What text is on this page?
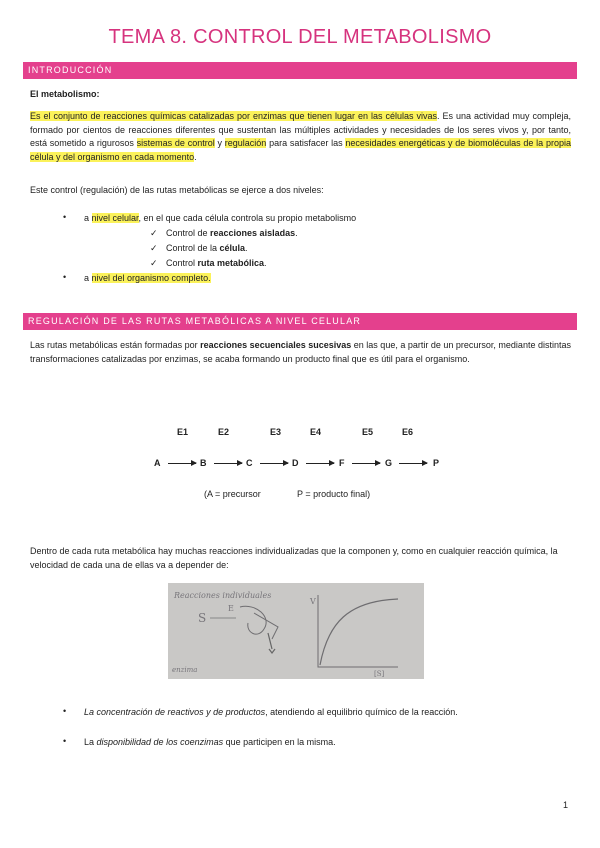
TEMA 8. CONTROL DEL METABOLISMO
INTRODUCCIÓN
El metabolismo:
Es el conjunto de reacciones químicas catalizadas por enzimas que tienen lugar en las células vivas. Es una actividad muy compleja, formado por cientos de reacciones diferentes que sustentan las múltiples actividades y necesidades de los seres vivos y, por tanto, está sometido a rigurosos sistemas de control y regulación para satisfacer las necesidades energéticas y de biomoléculas de la propia célula y del organismo en cada momento.
Este control (regulación) de las rutas metabólicas se ejerce a dos niveles:
• a nivel celular, en el que cada célula controla su propio metabolismo
✓ Control de reacciones aisladas.
✓ Control de la célula.
✓ Control ruta metabólica.
• a nivel del organismo completo.
REGULACIÓN DE LAS RUTAS METABÓLICAS A NIVEL CELULAR
Las rutas metabólicas están formadas por reacciones secuenciales sucesivas en las que, a partir de un precursor, mediante distintas transformaciones catalizadas por enzimas, se acaba formando un producto final que es útil para el organismo.
E1	E2	E3	E4	E5	E6
A → B → C → D → F → G → P
(A = precursor	P = producto final)
Dentro de cada ruta metabólica hay muchas reacciones individualizadas que la componen y, como en cualquier reacción química, la velocidad de cada una de ellas va a depender de:
Reacciones individuales
S
E
V
[S]
enzima
• La concentración de reactivos y de productos, atendiendo al equilibrio químico de la reacción.
• La disponibilidad de los coenzimas que participen en la misma.
1
